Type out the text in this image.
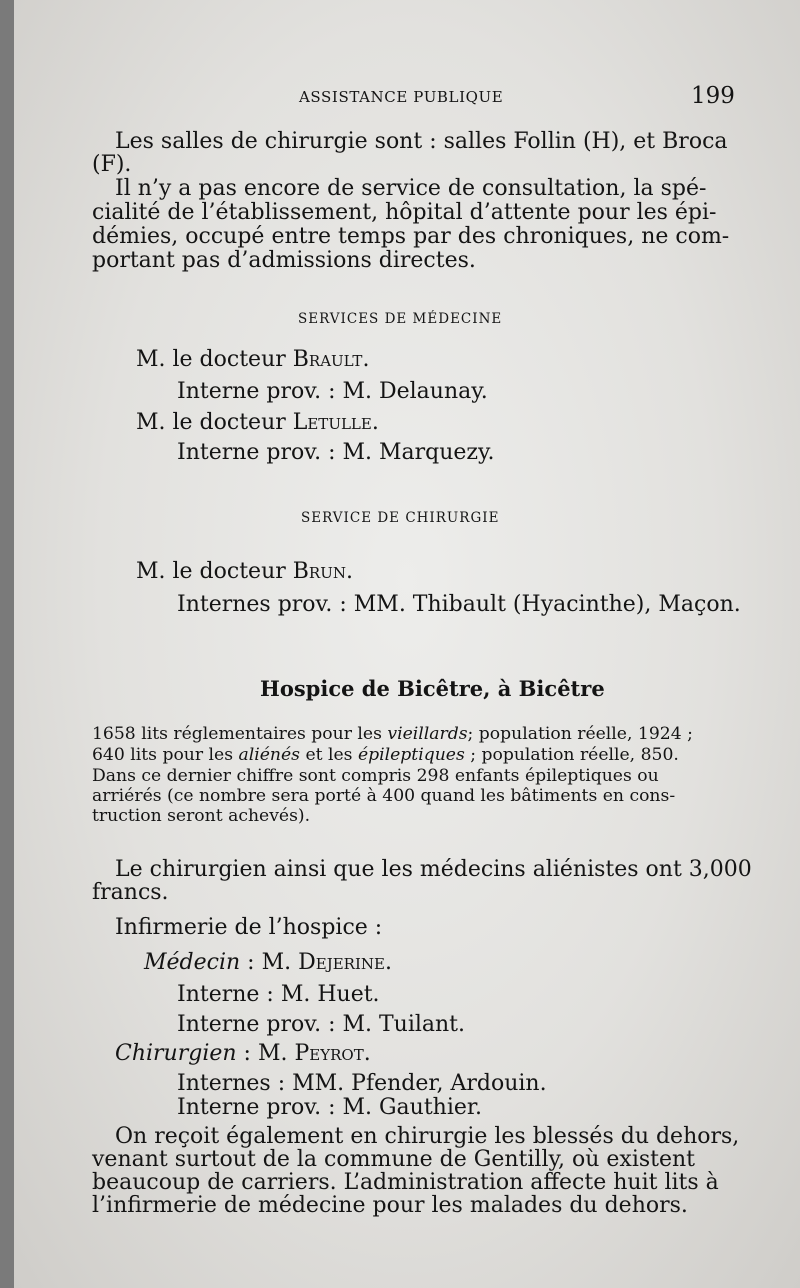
ASSISTANCE PUBLIQUE	199
Les salles de chirurgie sont : salles Follin (H), et Broca
(F).
Il n’y a pas encore de service de consultation, la spé-
cialité de l’établissement, hôpital d’attente pour les épi-
démies, occupé entre temps par des chroniques, ne com-
portant pas d’admissions directes.
SERVICES DE MÉDECINE
M. le docteur Brault.
Interne prov. : M. Delaunay.
M. le docteur Letulle.
Interne prov. : M. Marquezy.
SERVICE DE CHIRURGIE
M. le docteur Brun.
Internes prov. : MM. Thibault (Hyacinthe), Maçon.
Hospice de Bicêtre, à Bicêtre
1658 lits réglementaires pour les vieillards; population réelle, 1924 ;
640 lits pour les aliénés et les épileptiques ; population réelle, 850.
Dans ce dernier chiffre sont compris 298 enfants épileptiques ou
arriérés (ce nombre sera porté à 400 quand les bâtiments en cons-
truction seront achevés).
Le chirurgien ainsi que les médecins aliénistes ont 3,000
francs.
Infirmerie de l’hospice :
Médecin : M. Dejerine.
Interne : M. Huet.
Interne prov. : M. Tuilant.
Chirurgien : M. Peyrot.
Internes : MM. Pfender, Ardouin.
Interne prov. : M. Gauthier.
On reçoit également en chirurgie les blessés du dehors,
venant surtout de la commune de Gentilly, où existent
beaucoup de carriers. L’administration affecte huit lits à
l’infirmerie de médecine pour les malades du dehors.
